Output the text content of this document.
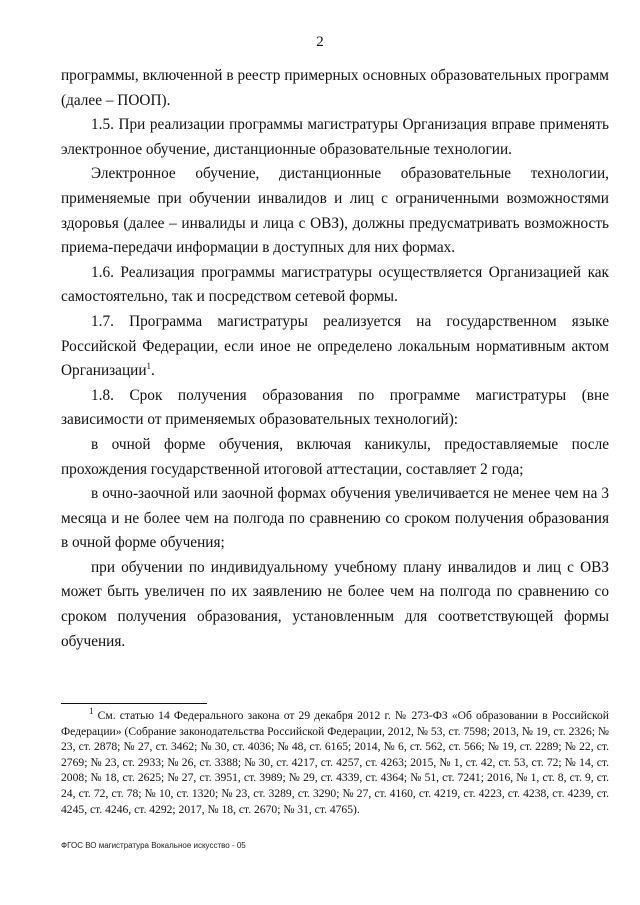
2

программы, включенной в реестр примерных основных образовательных программ (далее – ПООП).

1.5. При реализации программы магистратуры Организация вправе применять электронное обучение, дистанционные образовательные технологии.

Электронное обучение, дистанционные образовательные технологии, применяемые при обучении инвалидов и лиц с ограниченными возможностями здоровья (далее – инвалиды и лица с ОВЗ), должны предусматривать возможность приема-передачи информации в доступных для них формах.

1.6. Реализация программы магистратуры осуществляется Организацией как самостоятельно, так и посредством сетевой формы.

1.7. Программа магистратуры реализуется на государственном языке Российской Федерации, если иное не определено локальным нормативным актом Организации$^1$.

1.8. Срок получения образования по программе магистратуры (вне зависимости от применяемых образовательных технологий):

в очной форме обучения, включая каникулы, предоставляемые после прохождения государственной итоговой аттестации, составляет 2 года;

в очно-заочной или заочной формах обучения увеличивается не менее чем на 3 месяца и не более чем на полгода по сравнению со сроком получения образования в очной форме обучения;

при обучении по индивидуальному учебному плану инвалидов и лиц с ОВЗ может быть увеличен по их заявлению не более чем на полгода по сравнению со сроком получения образования, установленным для соответствующей формы обучения.

$^1$ См. статью 14 Федерального закона от 29 декабря 2012 г. № 273-ФЗ «Об образовании в Российской Федерации» (Собрание законодательства Российской Федерации, 2012, № 53, ст. 7598; 2013, № 19, ст. 2326; № 23, ст. 2878; № 27, ст. 3462; № 30, ст. 4036; № 48, ст. 6165; 2014, № 6, ст. 562, ст. 566; № 19, ст. 2289; № 22, ст. 2769; № 23, ст. 2933; № 26, ст. 3388; № 30, ст. 4217, ст. 4257, ст. 4263; 2015, № 1, ст. 42, ст. 53, ст. 72; № 14, ст. 2008; № 18, ст. 2625; № 27, ст. 3951, ст. 3989; № 29, ст. 4339, ст. 4364; № 51, ст. 7241; 2016, № 1, ст. 8, ст. 9, ст. 24, ст. 72, ст. 78; № 10, ст. 1320; № 23, ст. 3289, ст. 3290; № 27, ст. 4160, ст. 4219, ст. 4223, ст. 4238, ст. 4239, ст. 4245, ст. 4246, ст. 4292; 2017, № 18, ст. 2670; № 31, ст. 4765).
ФГОС ВО магистратура Вокальное искусство - 05
